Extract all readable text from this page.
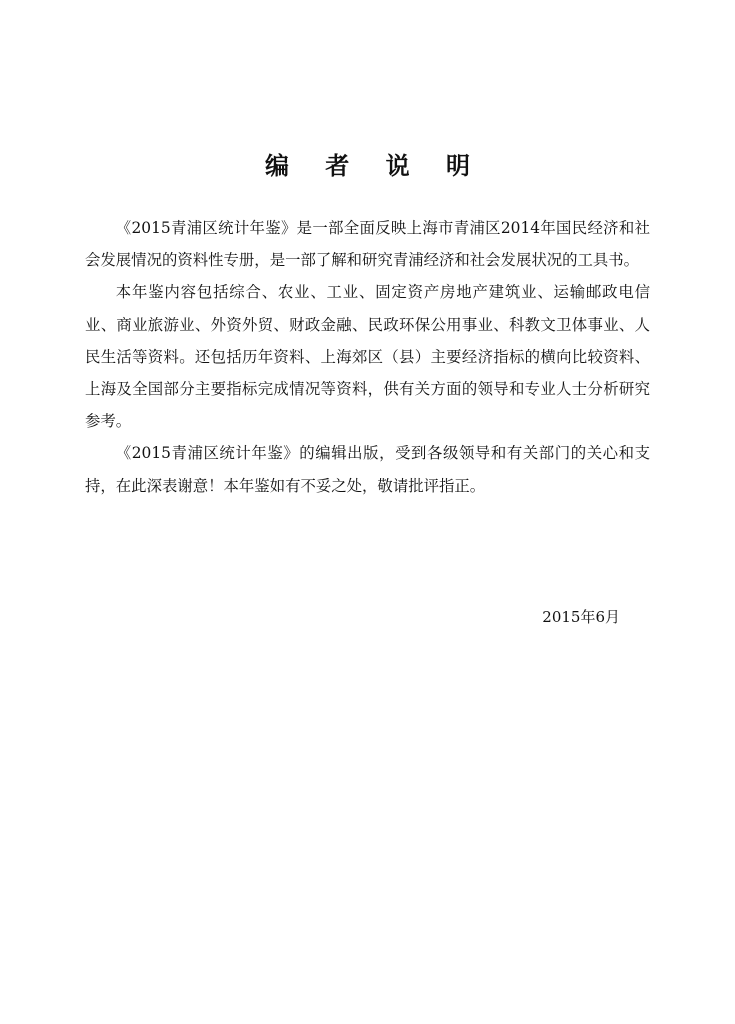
编 者 说 明

《2015青浦区统计年鉴》是一部全面反映上海市青浦区2014年国民经济和社会发展情况的资料性专册，是一部了解和研究青浦经济和社会发展状况的工具书。

本年鉴内容包括综合、农业、工业、固定资产房地产建筑业、运输邮政电信业、商业旅游业、外资外贸、财政金融、民政环保公用事业、科教文卫体事业、人民生活等资料。还包括历年资料、上海郊区（县）主要经济指标的横向比较资料、上海及全国部分主要指标完成情况等资料，供有关方面的领导和专业人士分析研究参考。

《2015青浦区统计年鉴》的编辑出版，受到各级领导和有关部门的关心和支持，在此深表谢意！本年鉴如有不妥之处，敬请批评指正。

2015年6月
